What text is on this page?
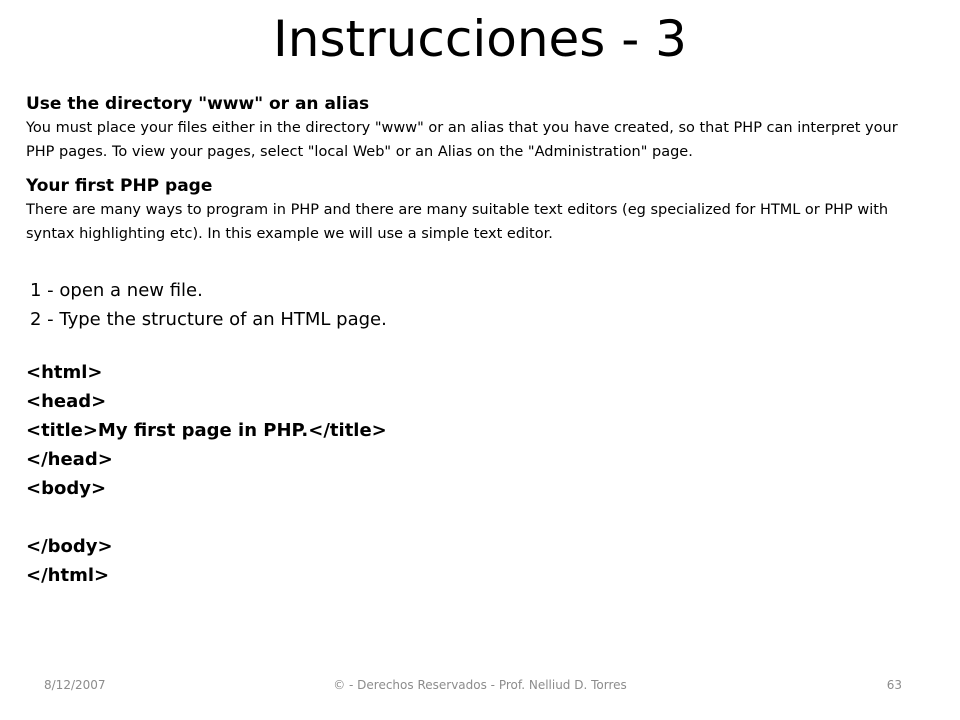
Instrucciones - 3

Use the directory "www" or an alias

You must place your files either in the directory "www" or an alias that you have created, so that PHP can interpret your PHP pages. To view your pages, select "local Web" or an Alias on the "Administration" page.

Your first PHP page

There are many ways to program in PHP and there are many suitable text editors (eg specialized for HTML or PHP with syntax highlighting etc). In this example we will use a simple text editor.

1 - open a new file.

2 - Type the structure of an HTML page.

<html>

<head>

<title>My first page in PHP.</title>

</head>

<body>

</body>

</html>

8/12/2007	© - Derechos Reservados - Prof. Nelliud D. Torres	63
